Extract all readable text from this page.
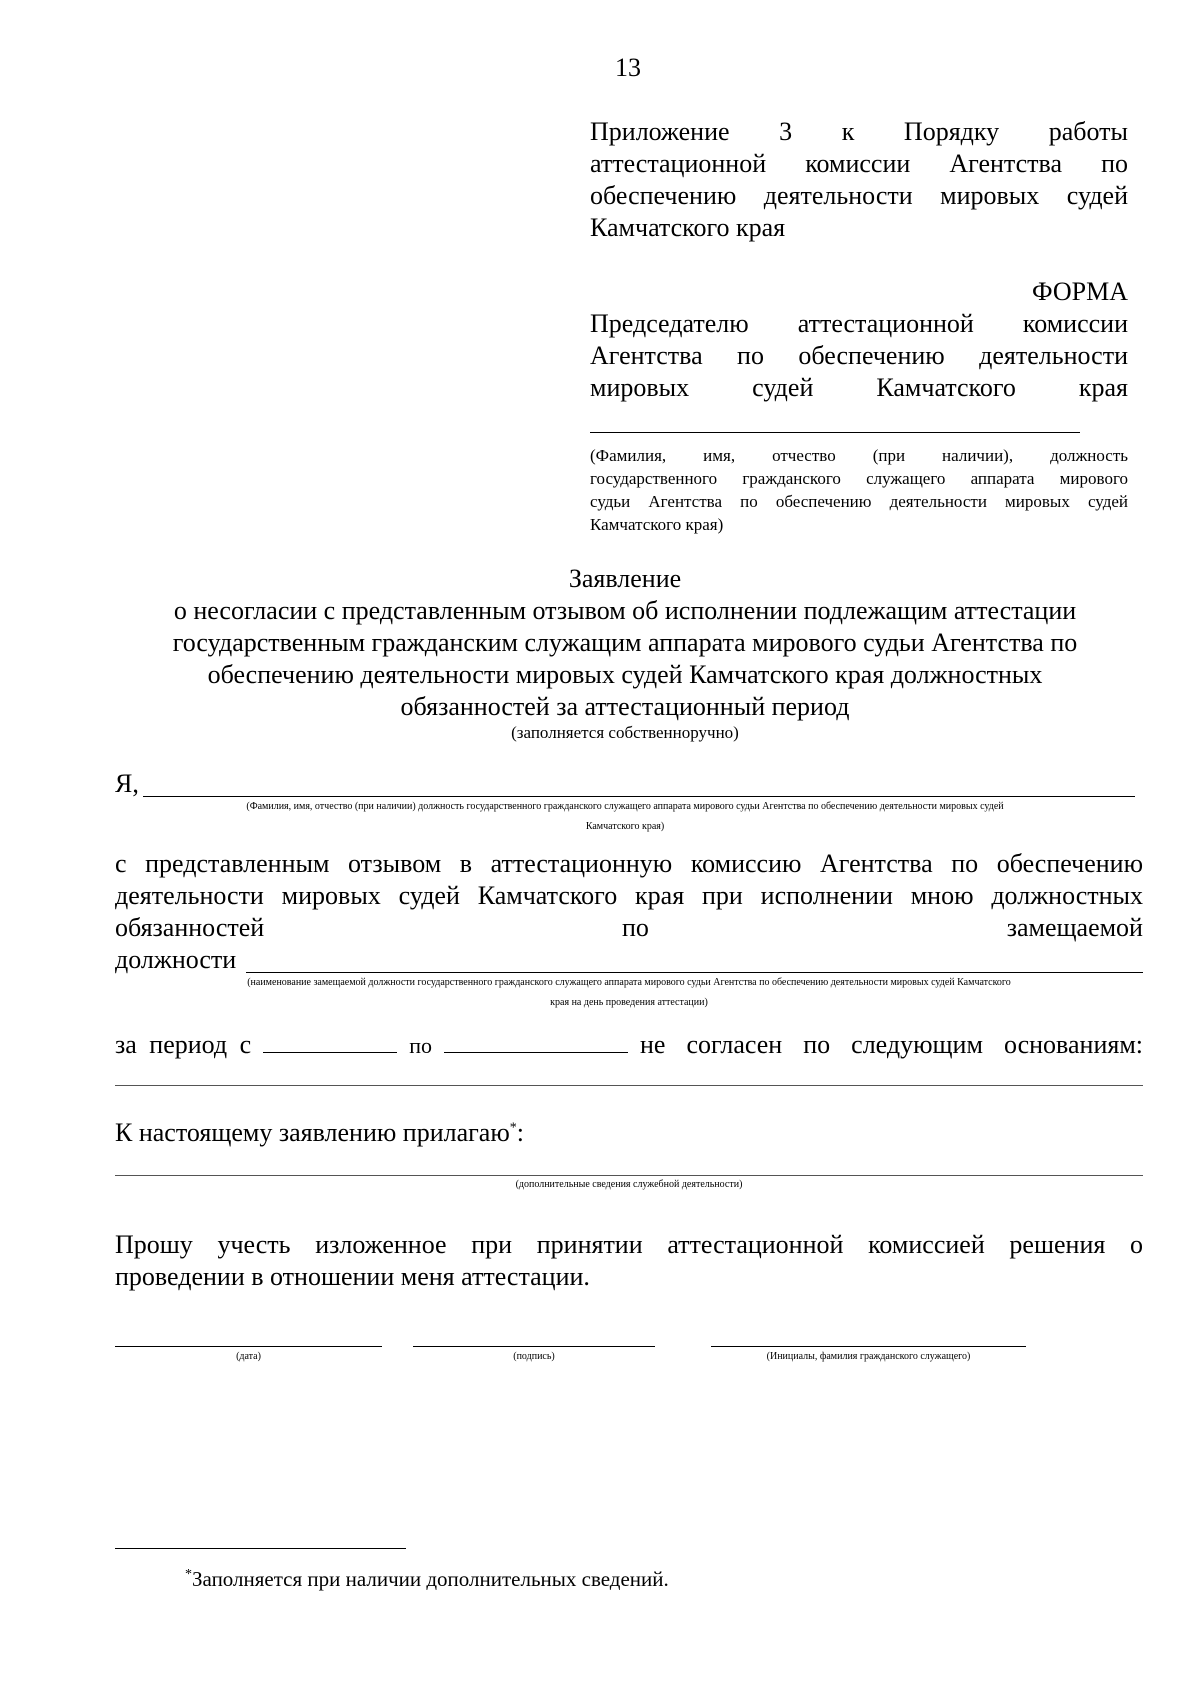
13
Приложение 3 к Порядку работы
аттестационной комиссии Агентства по
обеспечению деятельности мировых судей
Камчатского края
ФОРМА
Председателю аттестационной комиссии
Агентства по обеспечению деятельности
мировых судей Камчатского края
(Фамилия, имя, отчество (при наличии), должность
государственного гражданского служащего аппарата мирового
судьи Агентства по обеспечению деятельности мировых судей
Камчатского края)
Заявление
о несогласии с представленным отзывом об исполнении подлежащим аттестации
государственным гражданским служащим аппарата мирового судьи Агентства по
обеспечению деятельности мировых судей Камчатского края должностных
обязанностей за аттестационный период
(заполняется собственноручно)
Я,
(Фамилия, имя, отчество (при наличии) должность государственного гражданского служащего аппарата мирового судьи Агентства по обеспечению деятельности мировых судей
Камчатского края)
с представленным отзывом в аттестационную комиссию Агентства по обеспечению
деятельности мировых судей Камчатского края при исполнении мною должностных
обязанностей	по	замещаемой
должности
(наименование замещаемой должности государственного гражданского служащего аппарата мирового судьи Агентства по обеспечению деятельности мировых судей Камчатского
края на день проведения аттестации)
за период с	по	не согласен по следующим основаниям:
К настоящему заявлению прилагаю*:
(дополнительные сведения служебной деятельности)
Прошу учесть изложенное при принятии аттестационной комиссией решения о
проведении в отношении меня аттестации.
(дата)	(подпись)	(Инициалы, фамилия гражданского служащего)
*Заполняется при наличии дополнительных сведений.
